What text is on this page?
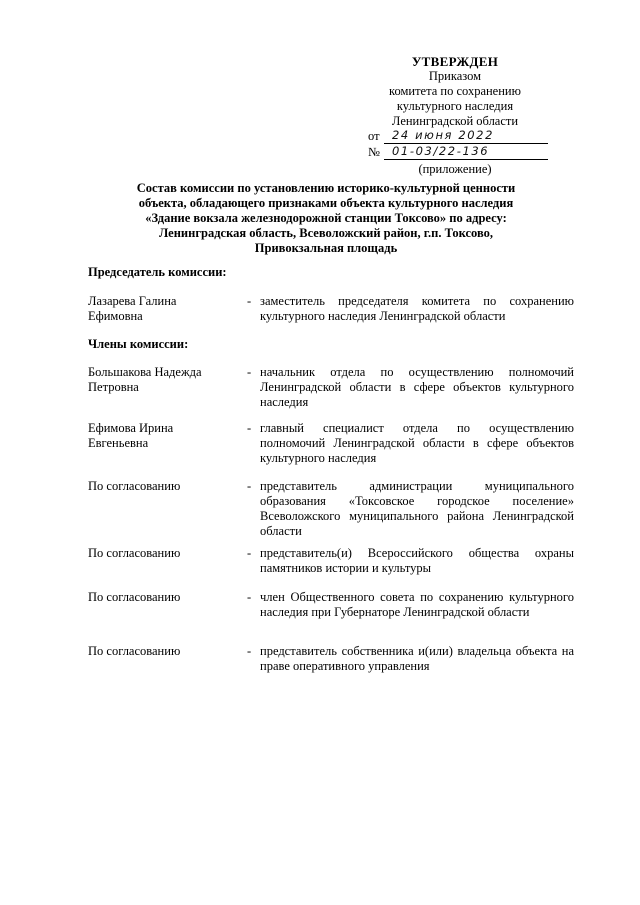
УТВЕРЖДЕН
Приказом
комитета по сохранению
культурного наследия
Ленинградской области
от 24 июня 2022
№ 01-03/22-136
(приложение)
Состав комиссии по установлению историко-культурной ценности
объекта, обладающего признаками объекта культурного наследия
«Здание вокзала железнодорожной станции Токсово» по адресу:
Ленинградская область, Всеволожский район, г.п. Токсово,
Привокзальная площадь
Председатель комиссии:
Лазарева Галина
Ефимовна
- заместитель председателя комитета по сохранению культурного наследия Ленинградской области
Члены комиссии:
Большакова Надежда
Петровна
- начальник отдела по осуществлению полномочий Ленинградской области в сфере объектов культурного наследия
Ефимова Ирина
Евгеньевна
- главный специалист отдела по осуществлению полномочий Ленинградской области в сфере объектов культурного наследия
По согласованию	- представитель администрации муниципального образования «Токсовское городское поселение» Всеволожского муниципального района Ленинградской области
По согласованию	- представитель(и) Всероссийского общества охраны памятников истории и культуры
По согласованию	- член Общественного совета по сохранению культурного наследия при Губернаторе Ленинградской области
По согласованию	- представитель собственника и(или) владельца объекта на праве оперативного управления
